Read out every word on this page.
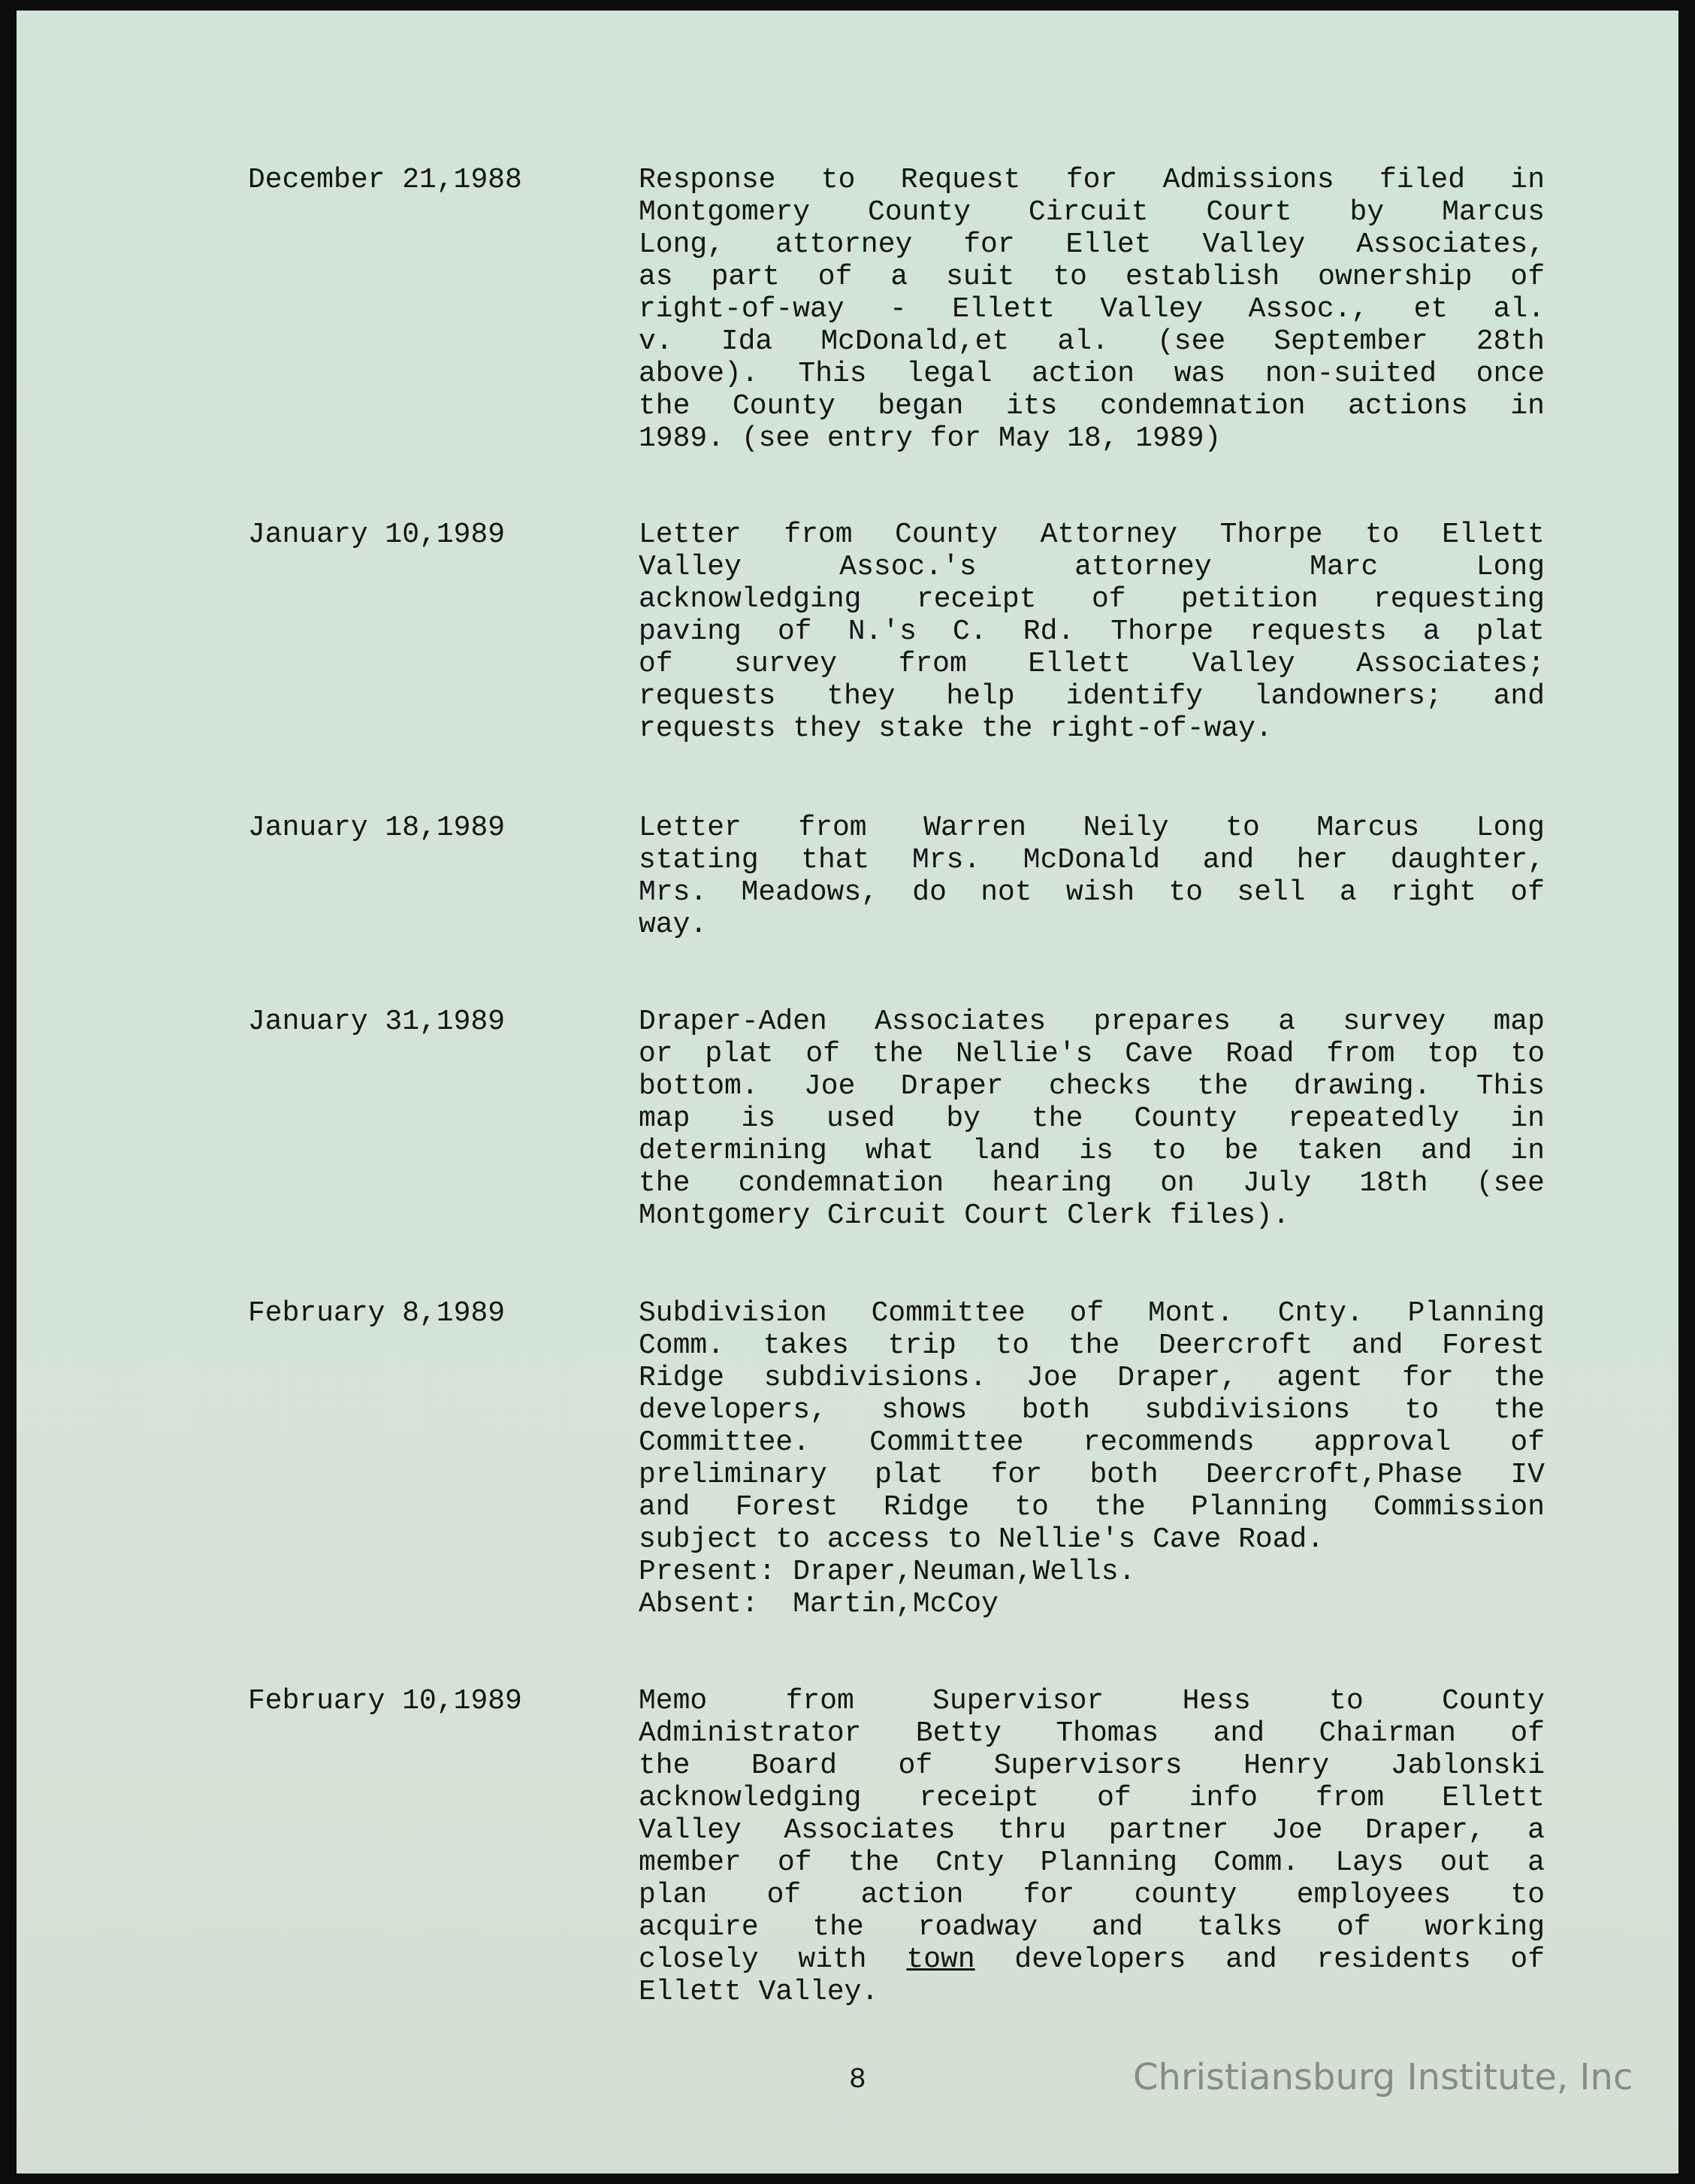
December 21,1988	Response to Request for Admissions filed in
Montgomery County Circuit Court by Marcus
Long, attorney for Ellet Valley Associates,
as part of a suit to establish ownership of
right-of-way - Ellett Valley Assoc., et al.
v. Ida McDonald,et al. (see September 28th
above). This legal action was non-suited once
the County began its condemnation actions in
1989. (see entry for May 18, 1989)
January 10,1989	Letter from County Attorney Thorpe to Ellett
Valley Assoc.'s attorney Marc Long
acknowledging receipt of petition requesting
paving of N.'s C. Rd. Thorpe requests a plat
of survey from Ellett Valley Associates;
requests they help identify landowners; and
requests they stake the right-of-way.
January 18,1989	Letter from Warren Neily to Marcus Long
stating that Mrs. McDonald and her daughter,
Mrs. Meadows, do not wish to sell a right of
way.
January 31,1989	Draper-Aden Associates prepares a survey map
or plat of the Nellie's Cave Road from top to
bottom. Joe Draper checks the drawing. This
map is used by the County repeatedly in
determining what land is to be taken and in
the condemnation hearing on July 18th (see
Montgomery Circuit Court Clerk files).
February 8,1989	Subdivision Committee of Mont. Cnty. Planning
Comm. takes trip to the Deercroft and Forest
Ridge subdivisions. Joe Draper, agent for the
developers, shows both subdivisions to the
Committee. Committee recommends approval of
preliminary plat for both Deercroft,Phase IV
and Forest Ridge to the Planning Commission
subject to access to Nellie's Cave Road.
Present: Draper,Neuman,Wells.
Absent:  Martin,McCoy
February 10,1989	Memo from Supervisor Hess to County
Administrator Betty Thomas and Chairman of
the Board of Supervisors Henry Jablonski
acknowledging receipt of info from Ellett
Valley Associates thru partner Joe Draper, a
member of the Cnty Planning Comm. Lays out a
plan of action for county employees to
acquire the roadway and talks of working
closely with town developers and residents of
Ellett Valley.
8	Christiansburg Institute, Inc
